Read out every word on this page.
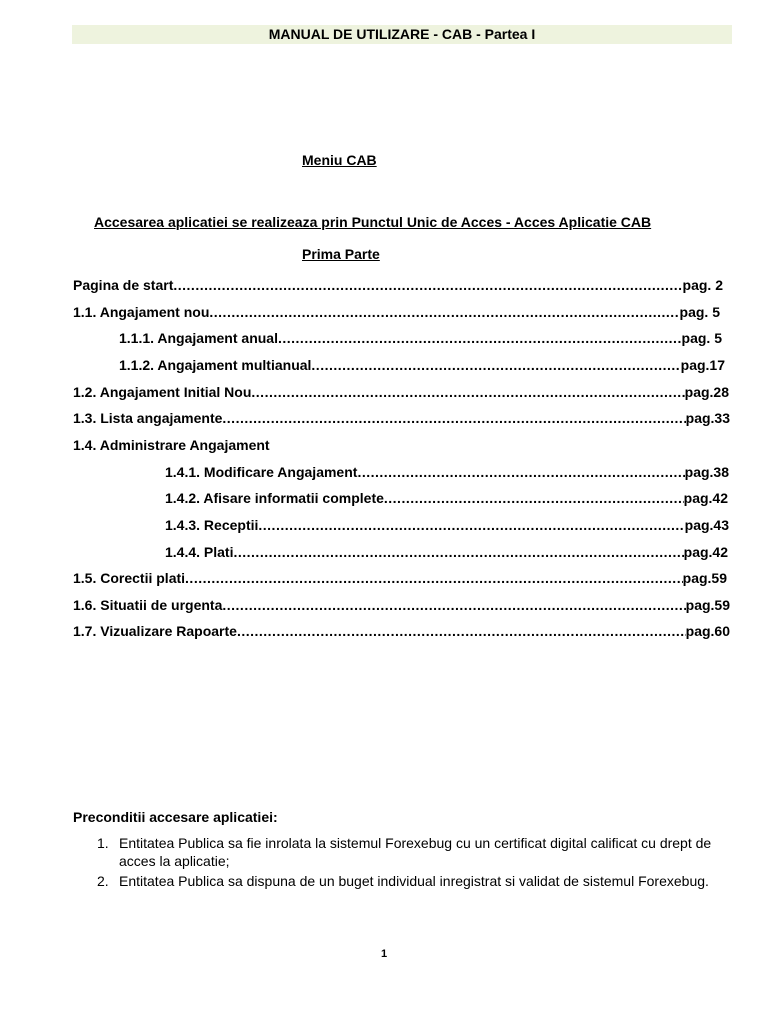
MANUAL DE UTILIZARE - CAB - Partea I
Meniu CAB
Accesarea aplicatiei se realizeaza prin Punctul Unic de Acces - Acces Aplicatie CAB
Prima Parte
Pagina de start .....	pag. 2
1.1. Angajament nou .....	pag. 5
1.1.1. Angajament anual .....	pag. 5
1.1.2. Angajament multianual .....	pag.17
1.2. Angajament Initial Nou .....	pag.28
1.3. Lista angajamente .....	pag.33
1.4. Administrare Angajament
1.4.1. Modificare Angajament .....	pag.38
1.4.2. Afisare informatii complete .....	pag.42
1.4.3. Receptii .....	pag.43
1.4.4. Plati .....	pag.42
1.5. Corectii plati .....	pag.59
1.6. Situatii de urgenta .....	pag.59
1.7. Vizualizare Rapoarte .....	pag.60
Preconditii accesare aplicatiei:
1. Entitatea Publica sa fie inrolata la sistemul Forexebug cu un certificat digital calificat cu drept de acces la aplicatie;
2. Entitatea Publica sa dispuna de un buget individual inregistrat si validat de sistemul Forexebug.
1
